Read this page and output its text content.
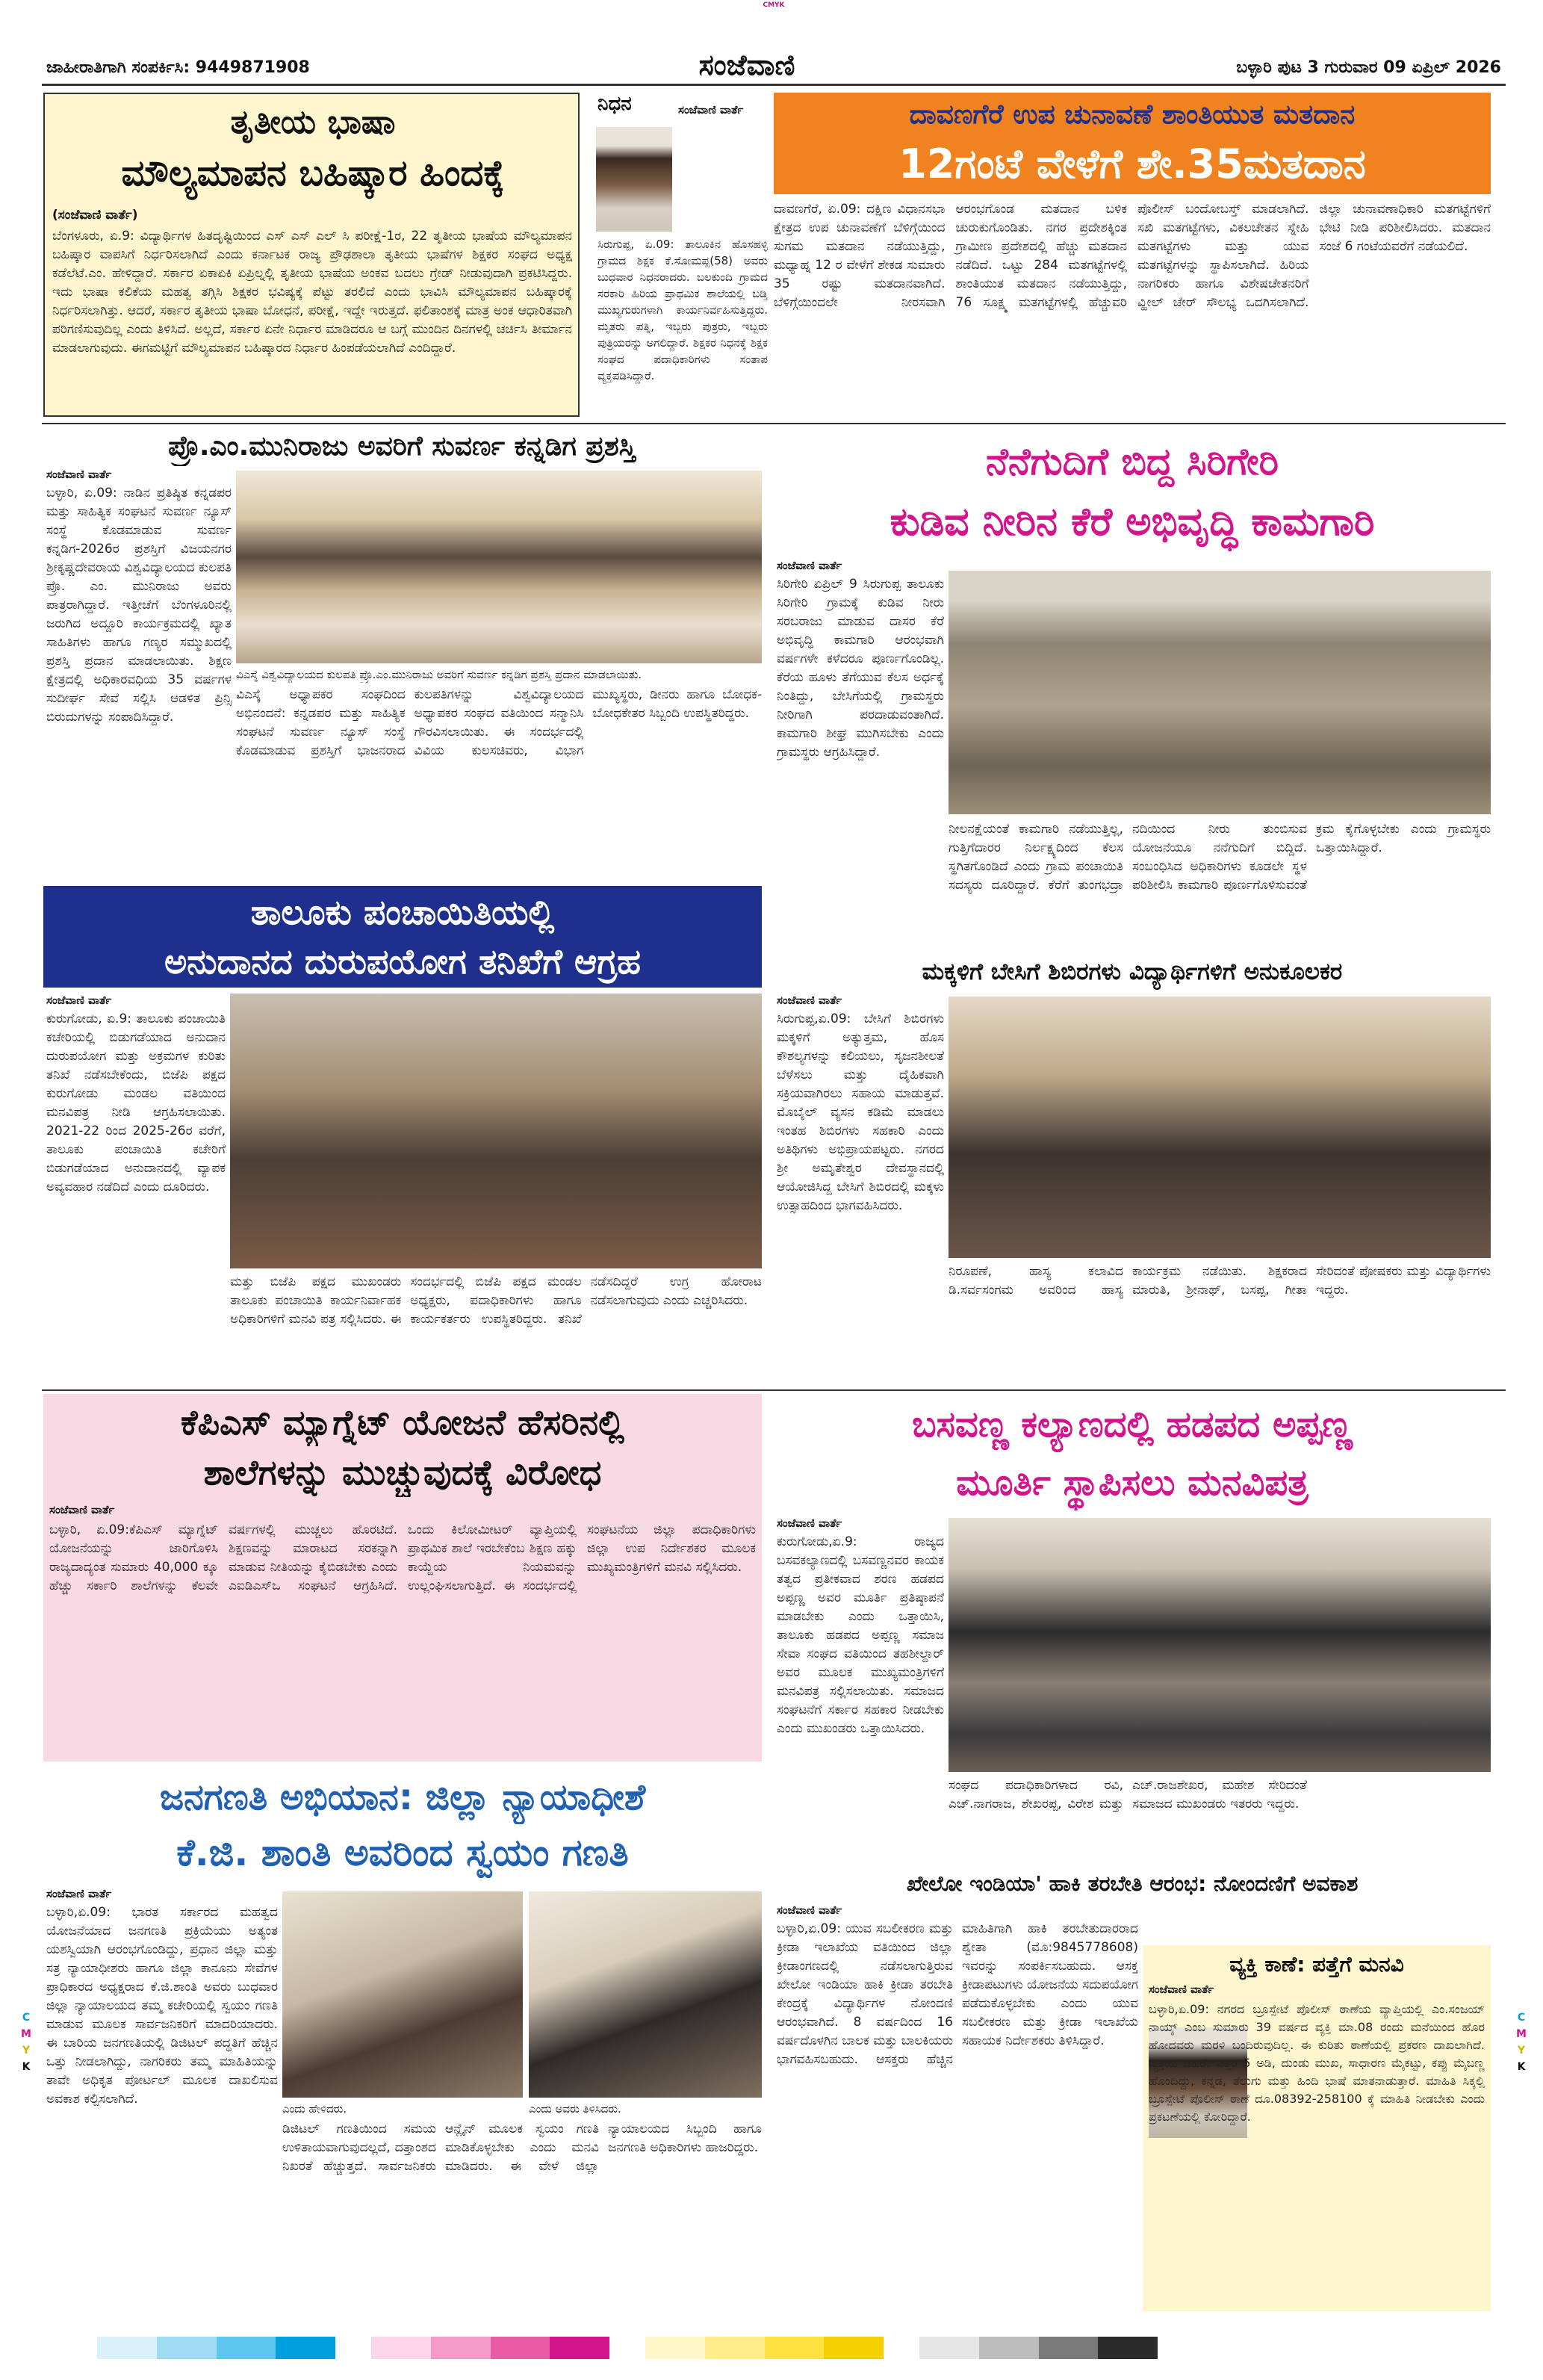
CMYK
ಜಾಹೀರಾತಿಗಾಗಿ ಸಂಪರ್ಕಿಸಿ: 9449871908	ಸಂಜೆವಾಣಿ	ಬಳ್ಳಾರಿ ಪುಟ 3 ಗುರುವಾರ 09 ಏಪ್ರಿಲ್ 2026
ತೃತೀಯ ಭಾಷಾ
ಮೌಲ್ಯಮಾಪನ ಬಹಿಷ್ಕಾರ ಹಿಂದಕ್ಕೆ
(ಸಂಜೆವಾಣಿ ವಾರ್ತೆ)
ಬೆಂಗಳೂರು, ಏ.9: ವಿದ್ಯಾರ್ಥಿಗಳ ಹಿತದೃಷ್ಟಿಯಿಂದ ಎಸ್ ಎಸ್ ಎಲ್ ಸಿ ಪರೀಕ್ಷೆ-1ರ, 22 ತೃತೀಯ ಭಾಷೆಯ ಮೌಲ್ಯಮಾಪನ ಬಹಿಷ್ಕಾರ ವಾಪಸಿಗೆ ನಿರ್ಧರಿಸಲಾಗಿದೆ ಎಂದು ಕರ್ನಾಟಕ ರಾಜ್ಯ ಪ್ರೌಢಶಾಲಾ ತೃತೀಯ ಭಾಷೆಗಳ ಶಿಕ್ಷಕರ ಸಂಘದ ಅಧ್ಯಕ್ಷ ಕಡೆಲೆಟೆ.ಎಂ. ಹೇಳಿದ್ದಾರೆ. ಸರ್ಕಾರ ಏಕಾಏಕಿ ಏಪ್ರಿಲ್ನಲ್ಲಿ ತೃತೀಯ ಭಾಷೆಯ ಅಂಕವ ಬದಲು ಗ್ರೇಡ್ ನೀಡುವುದಾಗಿ ಪ್ರಕಟಿಸಿದ್ದರು. ಇದು ಭಾಷಾ ಕಲಿಕೆಯ ಮಹತ್ವ ತಗ್ಗಿಸಿ ಶಿಕ್ಷಕರ ಭವಿಷ್ಯಕ್ಕೆ ಪೆಟ್ಟು ತರಲಿದೆ ಎಂದು ಭಾವಿಸಿ ಮೌಲ್ಯಮಾಪನ ಬಹಿಷ್ಕಾರಕ್ಕೆ ನಿರ್ಧರಿಸಲಾಗಿತ್ತು. ಆದರೆ, ಸರ್ಕಾರ ತೃತೀಯ ಭಾಷಾ ಬೋಧನೆ, ಪರೀಕ್ಷೆ, ಇದ್ದೇ ಇರುತ್ತದೆ. ಫಲಿತಾಂಶಕ್ಕೆ ಮಾತ್ರ ಅಂಕ ಆಧಾರಿತವಾಗಿ ಪರಿಗಣಿಸುವುದಿಲ್ಲ ಎಂದು ತಿಳಿಸಿದೆ. ಅಲ್ಲದೆ, ಸರ್ಕಾರ ಏನೇ ನಿರ್ಧಾರ ಮಾಡಿದರೂ ಆ ಬಗ್ಗೆ ಮುಂದಿನ ದಿನಗಳಲ್ಲಿ ಚರ್ಚಿಸಿ ತೀರ್ಮಾನ ಮಾಡಲಾಗುವುದು. ಈಗಮಟ್ಟಿಗೆ ಮೌಲ್ಯಮಾಪನ ಬಹಿಷ್ಕಾರದ ನಿರ್ಧಾರ ಹಿಂಪಡೆಯಲಾಗಿದೆ ಎಂದಿದ್ದಾರೆ.
ನಿಧನ	ಸಂಜೆವಾಣಿ ವಾರ್ತೆ
ಸಿರುಗುಪ್ಪ, ಏ.09: ತಾಲೂಕಿನ ಹೊಸಹಳ್ಳಿ ಗ್ರಾಮದ ಶಿಕ್ಷಕ ಕೆ.ಸೋಮಪ್ಪ(58) ಅವರು ಬುಧವಾರ ನಿಧನರಾದರು. ಬಲಕುಂದಿ ಗ್ರಾಮದ ಸರಕಾರಿ ಹಿರಿಯ ಪ್ರಾಥಮಿಕ ಶಾಲೆಯಲ್ಲಿ ಬಡ್ತಿ ಮುಖ್ಯಗುರುಗಳಾಗಿ ಕಾರ್ಯನಿರ್ವಹಿಸುತ್ತಿದ್ದರು. ಮೃತರು ಪತ್ನಿ, ಇಬ್ಬರು ಪುತ್ರರು, ಇಬ್ಬರು ಪುತ್ರಿಯರನ್ನು ಅಗಲಿದ್ದಾರೆ. ಶಿಕ್ಷಕರ ನಿಧನಕ್ಕೆ ಶಿಕ್ಷಕ ಸಂಘದ ಪದಾಧಿಕಾರಿಗಳು ಸಂತಾಪ ವ್ಯಕ್ತಪಡಿಸಿದ್ದಾರೆ.
ದಾವಣಗೆರೆ ಉಪ ಚುನಾವಣೆ ಶಾಂತಿಯುತ ಮತದಾನ
12ಗಂಟೆ ವೇಳೆಗೆ ಶೇ.35ಮತದಾನ
ದಾವಣಗೆರೆ, ಏ.09: ದಕ್ಷಿಣ ವಿಧಾನಸಭಾ ಕ್ಷೇತ್ರದ ಉಪ ಚುನಾವಣೆಗೆ ಬೆಳಿಗ್ಗೆಯಿಂದ ಸುಗಮ ಮತದಾನ ನಡೆಯುತ್ತಿದ್ದು, ಮಧ್ಯಾಹ್ನ 12 ರ ವೇಳೆಗೆ ಶೇಕಡ ಸುಮಾರು 35 ರಷ್ಟು ಮತದಾನವಾಗಿದೆ. ಬೆಳಿಗ್ಗೆಯಿಂದಲೇ ನೀರಸವಾಗಿ ಆರಂಭಗೊಂಡ ಮತದಾನ ಬಳಿಕ ಚುರುಕುಗೊಂಡಿತು. ನಗರ ಪ್ರದೇಶಕ್ಕಿಂತ ಗ್ರಾಮೀಣ ಪ್ರದೇಶದಲ್ಲಿ ಹೆಚ್ಚು ಮತದಾನ ನಡೆದಿದೆ. ಒಟ್ಟು 284 ಮತಗಟ್ಟೆಗಳಲ್ಲಿ ಶಾಂತಿಯುತ ಮತದಾನ ನಡೆಯುತ್ತಿದ್ದು, 76 ಸೂಕ್ಷ್ಮ ಮತಗಟ್ಟೆಗಳಲ್ಲಿ ಹೆಚ್ಚುವರಿ ಪೊಲೀಸ್ ಬಂದೋಬಸ್ತ್ ಮಾಡಲಾಗಿದೆ. ಸಖಿ ಮತಗಟ್ಟೆಗಳು, ವಿಕಲಚೇತನ ಸ್ನೇಹಿ ಮತಗಟ್ಟೆಗಳು ಮತ್ತು ಯುವ ಮತಗಟ್ಟೆಗಳನ್ನು ಸ್ಥಾಪಿಸಲಾಗಿದೆ. ಹಿರಿಯ ನಾಗರಿಕರು ಹಾಗೂ ವಿಶೇಷಚೇತನರಿಗೆ ವ್ಹೀಲ್ ಚೇರ್ ಸೌಲಭ್ಯ ಒದಗಿಸಲಾಗಿದೆ. ಜಿಲ್ಲಾ ಚುನಾವಣಾಧಿಕಾರಿ ಮತಗಟ್ಟೆಗಳಿಗೆ ಭೇಟಿ ನೀಡಿ ಪರಿಶೀಲಿಸಿದರು. ಮತದಾನ ಸಂಜೆ 6 ಗಂಟೆಯವರೆಗೆ ನಡೆಯಲಿದೆ.
ಪ್ರೊ.ಎಂ.ಮುನಿರಾಜು ಅವರಿಗೆ ಸುವರ್ಣ ಕನ್ನಡಿಗ ಪ್ರಶಸ್ತಿ
ಸಂಜೆವಾಣಿ ವಾರ್ತೆ
ಬಳ್ಳಾರಿ, ಏ.09: ನಾಡಿನ ಪ್ರತಿಷ್ಠಿತ ಕನ್ನಡಪರ ಮತ್ತು ಸಾಹಿತ್ಯಿಕ ಸಂಘಟನೆ ಸುವರ್ಣ ನ್ಯೂಸ್ ಸಂಸ್ಥೆ ಕೊಡಮಾಡುವ ಸುವರ್ಣ ಕನ್ನಡಿಗ-2026ರ ಪ್ರಶಸ್ತಿಗೆ ವಿಜಯನಗರ ಶ್ರೀಕೃಷ್ಣದೇವರಾಯ ವಿಶ್ವವಿದ್ಯಾಲಯದ ಕುಲಪತಿ ಪ್ರೊ. ಎಂ. ಮುನಿರಾಜು ಅವರು ಪಾತ್ರರಾಗಿದ್ದಾರೆ. ಇತ್ತೀಚೆಗೆ ಬೆಂಗಳೂರಿನಲ್ಲಿ ಜರುಗಿದ ಅದ್ದೂರಿ ಕಾರ್ಯಕ್ರಮದಲ್ಲಿ ಖ್ಯಾತ ಸಾಹಿತಿಗಳು ಹಾಗೂ ಗಣ್ಯರ ಸಮ್ಮುಖದಲ್ಲಿ ಪ್ರಶಸ್ತಿ ಪ್ರದಾನ ಮಾಡಲಾಯಿತು. ಶಿಕ್ಷಣ ಕ್ಷೇತ್ರದಲ್ಲಿ ಅಧಿಕಾರವಧಿಯ 35 ವರ್ಷಗಳ ಸುದೀರ್ಘ ಸೇವೆ ಸಲ್ಲಿಸಿ ಆಡಳಿತ ಪ್ರಿನ್ಸಿ ಬಿರುದುಗಳನ್ನು ಸಂಪಾದಿಸಿದ್ದಾರೆ.
ವಿಎಸ್ಕೆ ವಿಶ್ವವಿದ್ಯಾಲಯದ ಕುಲಪತಿ ಪ್ರೊ.ಎಂ.ಮುನಿರಾಜು ಅವರಿಗೆ ಸುವರ್ಣ ಕನ್ನಡಿಗ ಪ್ರಶಸ್ತಿ ಪ್ರದಾನ ಮಾಡಲಾಯಿತು.
ವಿಎಸ್ಕೆ ಅಧ್ಯಾಪಕರ ಸಂಘದಿಂದ ಅಭಿನಂದನೆ: ಕನ್ನಡಪರ ಮತ್ತು ಸಾಹಿತ್ಯಿಕ ಸಂಘಟನೆ ಸುವರ್ಣ ನ್ಯೂಸ್ ಸಂಸ್ಥೆ ಕೊಡಮಾಡುವ ಪ್ರಶಸ್ತಿಗೆ ಭಾಜನರಾದ ಕುಲಪತಿಗಳನ್ನು ವಿಶ್ವವಿದ್ಯಾಲಯದ ಅಧ್ಯಾಪಕರ ಸಂಘದ ವತಿಯಿಂದ ಸನ್ಮಾನಿಸಿ ಗೌರವಿಸಲಾಯಿತು. ಈ ಸಂದರ್ಭದಲ್ಲಿ ವಿವಿಯ ಕುಲಸಚಿವರು, ವಿಭಾಗ ಮುಖ್ಯಸ್ಥರು, ಡೀನರು ಹಾಗೂ ಬೋಧಕ-ಬೋಧಕೇತರ ಸಿಬ್ಬಂದಿ ಉಪಸ್ಥಿತರಿದ್ದರು.
ನೆನೆಗುದಿಗೆ ಬಿದ್ದ ಸಿರಿಗೇರಿ
ಕುಡಿವ ನೀರಿನ ಕೆರೆ ಅಭಿವೃದ್ಧಿ ಕಾಮಗಾರಿ
ಸಂಜೆವಾಣಿ ವಾರ್ತೆ
ಸಿರಿಗೇರಿ ಏಪ್ರಿಲ್ 9 ಸಿರುಗುಪ್ಪ ತಾಲೂಕು ಸಿರಿಗೇರಿ ಗ್ರಾಮಕ್ಕೆ ಕುಡಿವ ನೀರು ಸರಬರಾಜು ಮಾಡುವ ದಾಸರ ಕೆರೆ ಅಭಿವೃದ್ಧಿ ಕಾಮಗಾರಿ ಆರಂಭವಾಗಿ ವರ್ಷಗಳೇ ಕಳೆದರೂ ಪೂರ್ಣಗೊಂಡಿಲ್ಲ. ಕೆರೆಯ ಹೂಳು ತೆಗೆಯುವ ಕೆಲಸ ಅರ್ಧಕ್ಕೆ ನಿಂತಿದ್ದು, ಬೇಸಿಗೆಯಲ್ಲಿ ಗ್ರಾಮಸ್ಥರು ನೀರಿಗಾಗಿ ಪರದಾಡುವಂತಾಗಿದೆ. ಕಾಮಗಾರಿ ಶೀಘ್ರ ಮುಗಿಸಬೇಕು ಎಂದು ಗ್ರಾಮಸ್ಥರು ಆಗ್ರಹಿಸಿದ್ದಾರೆ.
ನೀಲನಕ್ಷೆಯಂತೆ ಕಾಮಗಾರಿ ನಡೆಯುತ್ತಿಲ್ಲ, ಗುತ್ತಿಗೆದಾರರ ನಿರ್ಲಕ್ಷ್ಯದಿಂದ ಕೆಲಸ ಸ್ಥಗಿತಗೊಂಡಿದೆ ಎಂದು ಗ್ರಾಮ ಪಂಚಾಯಿತಿ ಸದಸ್ಯರು ದೂರಿದ್ದಾರೆ. ಕೆರೆಗೆ ತುಂಗಭದ್ರಾ ನದಿಯಿಂದ ನೀರು ತುಂಬಿಸುವ ಯೋಜನೆಯೂ ನನೆಗುದಿಗೆ ಬಿದ್ದಿದೆ. ಸಂಬಂಧಿಸಿದ ಅಧಿಕಾರಿಗಳು ಕೂಡಲೇ ಸ್ಥಳ ಪರಿಶೀಲಿಸಿ ಕಾಮಗಾರಿ ಪೂರ್ಣಗೊಳಿಸುವಂತೆ ಕ್ರಮ ಕೈಗೊಳ್ಳಬೇಕು ಎಂದು ಗ್ರಾಮಸ್ಥರು ಒತ್ತಾಯಿಸಿದ್ದಾರೆ.
ತಾಲೂಕು ಪಂಚಾಯಿತಿಯಲ್ಲಿ
ಅನುದಾನದ ದುರುಪಯೋಗ ತನಿಖೆಗೆ ಆಗ್ರಹ
ಸಂಜೆವಾಣಿ ವಾರ್ತೆ
ಕುರುಗೋಡು, ಏ.9: ತಾಲೂಕು ಪಂಚಾಯಿತಿ ಕಚೇರಿಯಲ್ಲಿ ಬಿಡುಗಡೆಯಾದ ಅನುದಾನ ದುರುಪಯೋಗ ಮತ್ತು ಅಕ್ರಮಗಳ ಕುರಿತು ತನಿಖೆ ನಡೆಸಬೇಕೆಂದು, ಬಿಜೆಪಿ ಪಕ್ಷದ ಕುರುಗೋಡು ಮಂಡಲ ವತಿಯಿಂದ ಮನವಿಪತ್ರ ನೀಡಿ ಆಗ್ರಹಿಸಲಾಯಿತು. 2021-22 ರಿಂದ 2025-26ರ ವರೆಗೆ, ತಾಲೂಕು ಪಂಚಾಯಿತಿ ಕಚೇರಿಗೆ ಬಿಡುಗಡೆಯಾದ ಅನುದಾನದಲ್ಲಿ ವ್ಯಾಪಕ ಅವ್ಯವಹಾರ ನಡೆದಿದೆ ಎಂದು ದೂರಿದರು.
ಮತ್ತು ಬಿಜೆಪಿ ಪಕ್ಷದ ಮುಖಂಡರು ತಾಲೂಕು ಪಂಚಾಯಿತಿ ಕಾರ್ಯನಿರ್ವಾಹಕ ಅಧಿಕಾರಿಗಳಿಗೆ ಮನವಿ ಪತ್ರ ಸಲ್ಲಿಸಿದರು. ಈ ಸಂದರ್ಭದಲ್ಲಿ ಬಿಜೆಪಿ ಪಕ್ಷದ ಮಂಡಲ ಅಧ್ಯಕ್ಷರು, ಪದಾಧಿಕಾರಿಗಳು ಹಾಗೂ ಕಾರ್ಯಕರ್ತರು ಉಪಸ್ಥಿತರಿದ್ದರು. ತನಿಖೆ ನಡೆಸದಿದ್ದರೆ ಉಗ್ರ ಹೋರಾಟ ನಡೆಸಲಾಗುವುದು ಎಂದು ಎಚ್ಚರಿಸಿದರು.
ಮಕ್ಕಳಿಗೆ ಬೇಸಿಗೆ ಶಿಬಿರಗಳು ವಿದ್ಯಾರ್ಥಿಗಳಿಗೆ ಅನುಕೂಲಕರ
ಸಂಜೆವಾಣಿ ವಾರ್ತೆ
ಸಿರುಗುಪ್ಪ,ಏ.09: ಬೇಸಿಗೆ ಶಿಬಿರಗಳು ಮಕ್ಕಳಿಗೆ ಅತ್ಯುತ್ತಮ, ಹೊಸ ಕೌಶಲ್ಯಗಳನ್ನು ಕಲಿಯಲು, ಸೃಜನಶೀಲತೆ ಬೆಳೆಸಲು ಮತ್ತು ದೈಹಿಕವಾಗಿ ಸಕ್ರಿಯವಾಗಿರಲು ಸಹಾಯ ಮಾಡುತ್ತವೆ. ಮೊಬೈಲ್ ವ್ಯಸನ ಕಡಿಮೆ ಮಾಡಲು ಇಂತಹ ಶಿಬಿರಗಳು ಸಹಕಾರಿ ಎಂದು ಅತಿಥಿಗಳು ಅಭಿಪ್ರಾಯಪಟ್ಟರು. ನಗರದ ಶ್ರೀ ಅಮೃತೇಶ್ವರ ದೇವಸ್ಥಾನದಲ್ಲಿ ಆಯೋಜಿಸಿದ್ದ ಬೇಸಿಗೆ ಶಿಬಿರದಲ್ಲಿ ಮಕ್ಕಳು ಉತ್ಸಾಹದಿಂದ ಭಾಗವಹಿಸಿದರು.
ನಿರೂಪಣೆ, ಹಾಸ್ಯ ಕಲಾವಿದ ಡಿ.ಸರ್ವಸಂಗಮ ಅವರಿಂದ ಹಾಸ್ಯ ಕಾರ್ಯಕ್ರಮ ನಡೆಯಿತು. ಶಿಕ್ಷಕರಾದ ಮಾರುತಿ, ಶ್ರೀನಾಥ್, ಬಸಪ್ಪ, ಗೀತಾ ಸೇರಿದಂತೆ ಪೋಷಕರು ಮತ್ತು ವಿದ್ಯಾರ್ಥಿಗಳು ಇದ್ದರು.
ಕೆಪಿಎಸ್ ಮ್ಯಾಗ್ನೆಟ್ ಯೋಜನೆ ಹೆಸರಿನಲ್ಲಿ
ಶಾಲೆಗಳನ್ನು ಮುಚ್ಚುವುದಕ್ಕೆ ವಿರೋಧ
ಸಂಜೆವಾಣಿ ವಾರ್ತೆ
ಬಳ್ಳಾರಿ, ಏ.09:ಕೆಪಿಎಸ್ ಮ್ಯಾಗ್ನೆಟ್ ಯೋಜನೆಯನ್ನು ಜಾರಿಗೊಳಿಸಿ ರಾಜ್ಯದಾದ್ಯಂತ ಸುಮಾರು 40,000 ಕ್ಕೂ ಹೆಚ್ಚು ಸರ್ಕಾರಿ ಶಾಲೆಗಳನ್ನು ಕೆಲವೇ ವರ್ಷಗಳಲ್ಲಿ ಮುಚ್ಚಲು ಹೊರಟಿದೆ. ಶಿಕ್ಷಣವನ್ನು ಮಾರಾಟದ ಸರಕನ್ನಾಗಿ ಮಾಡುವ ನೀತಿಯನ್ನು ಕೈಬಿಡಬೇಕು ಎಂದು ಎಐಡಿಎಸ್ಒ ಸಂಘಟನೆ ಆಗ್ರಹಿಸಿದೆ. ಒಂದು ಕಿಲೋಮೀಟರ್ ವ್ಯಾಪ್ತಿಯಲ್ಲಿ ಪ್ರಾಥಮಿಕ ಶಾಲೆ ಇರಬೇಕೆಂಬ ಶಿಕ್ಷಣ ಹಕ್ಕು ಕಾಯ್ದೆಯ ನಿಯಮವನ್ನು ಉಲ್ಲಂಘಿಸಲಾಗುತ್ತಿದೆ. ಈ ಸಂದರ್ಭದಲ್ಲಿ ಸಂಘಟನೆಯ ಜಿಲ್ಲಾ ಪದಾಧಿಕಾರಿಗಳು ಜಿಲ್ಲಾ ಉಪ ನಿರ್ದೇಶಕರ ಮೂಲಕ ಮುಖ್ಯಮಂತ್ರಿಗಳಿಗೆ ಮನವಿ ಸಲ್ಲಿಸಿದರು.
ಬಸವಣ್ಣ ಕಲ್ಯಾಣದಲ್ಲಿ ಹಡಪದ ಅಪ್ಪಣ್ಣ
ಮೂರ್ತಿ ಸ್ಥಾಪಿಸಲು ಮನವಿಪತ್ರ
ಸಂಜೆವಾಣಿ ವಾರ್ತೆ
ಕುರುಗೋಡು,ಏ.9: ರಾಜ್ಯದ ಬಸವಕಲ್ಯಾಣದಲ್ಲಿ ಬಸವಣ್ಣನವರ ಕಾಯಕ ತತ್ವದ ಪ್ರತೀಕವಾದ ಶರಣ ಹಡಪದ ಅಪ್ಪಣ್ಣ ಅವರ ಮೂರ್ತಿ ಪ್ರತಿಷ್ಠಾಪನೆ ಮಾಡಬೇಕು ಎಂದು ಒತ್ತಾಯಿಸಿ, ತಾಲೂಕು ಹಡಪದ ಅಪ್ಪಣ್ಣ ಸಮಾಜ ಸೇವಾ ಸಂಘದ ವತಿಯಿಂದ ತಹಶೀಲ್ದಾರ್ ಅವರ ಮೂಲಕ ಮುಖ್ಯಮಂತ್ರಿಗಳಿಗೆ ಮನವಿಪತ್ರ ಸಲ್ಲಿಸಲಾಯಿತು. ಸಮಾಜದ ಸಂಘಟನೆಗೆ ಸರ್ಕಾರ ಸಹಕಾರ ನೀಡಬೇಕು ಎಂದು ಮುಖಂಡರು ಒತ್ತಾಯಿಸಿದರು.
ಸಂಘದ ಪದಾಧಿಕಾರಿಗಳಾದ ರವಿ, ಎಚ್.ನಾಗರಾಜ, ಶೇಖರಪ್ಪ, ವಿರೇಶ ಮತ್ತು ಎಚ್.ರಾಜಶೇಖರ, ಮಹೇಶ ಸೇರಿದಂತೆ ಸಮಾಜದ ಮುಖಂಡರು ಇತರರು ಇದ್ದರು.
ಜನಗಣತಿ ಅಭಿಯಾನ: ಜಿಲ್ಲಾ ನ್ಯಾಯಾಧೀಶೆ
ಕೆ.ಜಿ. ಶಾಂತಿ ಅವರಿಂದ ಸ್ವಯಂ ಗಣತಿ
ಸಂಜೆವಾಣಿ ವಾರ್ತೆ
ಬಳ್ಳಾರಿ,ಏ.09: ಭಾರತ ಸರ್ಕಾರದ ಮಹತ್ವದ ಯೋಜನೆಯಾದ ಜನಗಣತಿ ಪ್ರಕ್ರಿಯೆಯು ಅತ್ಯಂತ ಯಶಸ್ವಿಯಾಗಿ ಆರಂಭಗೊಂಡಿದ್ದು, ಪ್ರಧಾನ ಜಿಲ್ಲಾ ಮತ್ತು ಸತ್ರ ನ್ಯಾಯಾಧೀಶರು ಹಾಗೂ ಜಿಲ್ಲಾ ಕಾನೂನು ಸೇವೆಗಳ ಪ್ರಾಧಿಕಾರದ ಅಧ್ಯಕ್ಷರಾದ ಕೆ.ಜಿ.ಶಾಂತಿ ಅವರು ಬುಧವಾರ ಜಿಲ್ಲಾ ನ್ಯಾಯಾಲಯದ ತಮ್ಮ ಕಚೇರಿಯಲ್ಲಿ ಸ್ವಯಂ ಗಣತಿ ಮಾಡುವ ಮೂಲಕ ಸಾರ್ವಜನಿಕರಿಗೆ ಮಾದರಿಯಾದರು. ಈ ಬಾರಿಯ ಜನಗಣತಿಯಲ್ಲಿ ಡಿಜಿಟಲ್ ಪದ್ಧತಿಗೆ ಹೆಚ್ಚಿನ ಒತ್ತು ನೀಡಲಾಗಿದ್ದು, ನಾಗರಿಕರು ತಮ್ಮ ಮಾಹಿತಿಯನ್ನು ತಾವೇ ಅಧಿಕೃತ ಪೋರ್ಟಲ್ ಮೂಲಕ ದಾಖಲಿಸುವ ಅವಕಾಶ ಕಲ್ಪಿಸಲಾಗಿದೆ.
ಎಂದು ಹೇಳಿದರು.	ಎಂದು ಅವರು ತಿಳಿಸಿದರು.
ಡಿಜಿಟಲ್ ಗಣತಿಯಿಂದ ಸಮಯ ಉಳಿತಾಯವಾಗುವುದಲ್ಲದೆ, ದತ್ತಾಂಶದ ನಿಖರತೆ ಹೆಚ್ಚುತ್ತದೆ. ಸಾರ್ವಜನಿಕರು ಆನ್ಲೈನ್ ಮೂಲಕ ಸ್ವಯಂ ಗಣತಿ ಮಾಡಿಕೊಳ್ಳಬೇಕು ಎಂದು ಮನವಿ ಮಾಡಿದರು. ಈ ವೇಳೆ ಜಿಲ್ಲಾ ನ್ಯಾಯಾಲಯದ ಸಿಬ್ಬಂದಿ ಹಾಗೂ ಜನಗಣತಿ ಅಧಿಕಾರಿಗಳು ಹಾಜರಿದ್ದರು.
ಖೇಲೋ ಇಂಡಿಯಾ' ಹಾಕಿ ತರಬೇತಿ ಆರಂಭ: ನೋಂದಣಿಗೆ ಅವಕಾಶ
ಸಂಜೆವಾಣಿ ವಾರ್ತೆ
ಬಳ್ಳಾರಿ,ಏ.09: ಯುವ ಸಬಲೀಕರಣ ಮತ್ತು ಕ್ರೀಡಾ ಇಲಾಖೆಯ ವತಿಯಿಂದ ಜಿಲ್ಲಾ ಕ್ರೀಡಾಂಗಣದಲ್ಲಿ ನಡೆಸಲಾಗುತ್ತಿರುವ ಖೇಲೋ ಇಂಡಿಯಾ ಹಾಕಿ ಕ್ರೀಡಾ ತರಬೇತಿ ಕೇಂದ್ರಕ್ಕೆ ವಿದ್ಯಾರ್ಥಿಗಳ ನೋಂದಣಿ ಆರಂಭವಾಗಿದೆ. 8 ವರ್ಷದಿಂದ 16 ವರ್ಷದೊಳಗಿನ ಬಾಲಕ ಮತ್ತು ಬಾಲಕಿಯರು ಭಾಗವಹಿಸಬಹುದು. ಆಸಕ್ತರು ಹೆಚ್ಚಿನ ಮಾಹಿತಿಗಾಗಿ ಹಾಕಿ ತರಬೇತುದಾರರಾದ ಶ್ವೇತಾ (ಮೊ:9845778608) ಇವರನ್ನು ಸಂಪರ್ಕಿಸಬಹುದು. ಆಸಕ್ತ ಕ್ರೀಡಾಪಟುಗಳು ಯೋಜನೆಯ ಸದುಪಯೋಗ ಪಡೆದುಕೊಳ್ಳಬೇಕು ಎಂದು ಯುವ ಸಬಲೀಕರಣ ಮತ್ತು ಕ್ರೀಡಾ ಇಲಾಖೆಯ ಸಹಾಯಕ ನಿರ್ದೇಶಕರು ತಿಳಿಸಿದ್ದಾರೆ.
ವ್ಯಕ್ತಿ ಕಾಣೆ: ಪತ್ತೆಗೆ ಮನವಿ
ಸಂಜೆವಾಣಿ ವಾರ್ತೆ
ಬಳ್ಳಾರಿ,ಏ.09: ನಗರದ ಬ್ರೂಸ್ಪೇಟೆ ಪೊಲೀಸ್ ಠಾಣೆಯ ವ್ಯಾಪ್ತಿಯಲ್ಲಿ ಎಂ.ಸಂಜಯ್ ನಾಯ್ಕ್ ಎಂಬ ಸುಮಾರು 39 ವರ್ಷದ ವ್ಯಕ್ತಿ ಮಾ.08 ರಂದು ಮನೆಯಿಂದ ಹೊರ ಹೋದವರು ಮರಳಿ ಬಂದಿರುವುದಿಲ್ಲ. ಈ ಕುರಿತು ಠಾಣೆಯಲ್ಲಿ ಪ್ರಕರಣ ದಾಖಲಾಗಿದೆ. ವ್ಯಕ್ತಿಯ ಚಹರೆ: ಎತ್ತರ 5 ಅಡಿ, ದುಂಡು ಮುಖ, ಸಾಧಾರಣ ಮೈಕಟ್ಟು, ಕಪ್ಪು ಮೈಬಣ್ಣ ಹೊಂದಿದ್ದು, ಕನ್ನಡ, ತೆಲುಗು ಮತ್ತು ಹಿಂದಿ ಭಾಷೆ ಮಾತನಾಡುತ್ತಾರೆ. ಮಾಹಿತಿ ಸಿಕ್ಕಲ್ಲಿ ಬ್ರೂಸ್ಪೇಟೆ ಪೊಲೀಸ್ ಠಾಣೆ ದೂ.08392-258100 ಕ್ಕೆ ಮಾಹಿತಿ ನೀಡಬೇಕು ಎಂದು ಪ್ರಕಟಣೆಯಲ್ಲಿ ಕೋರಿದ್ದಾರೆ.
C
M
Y
K
C
M
Y
K
